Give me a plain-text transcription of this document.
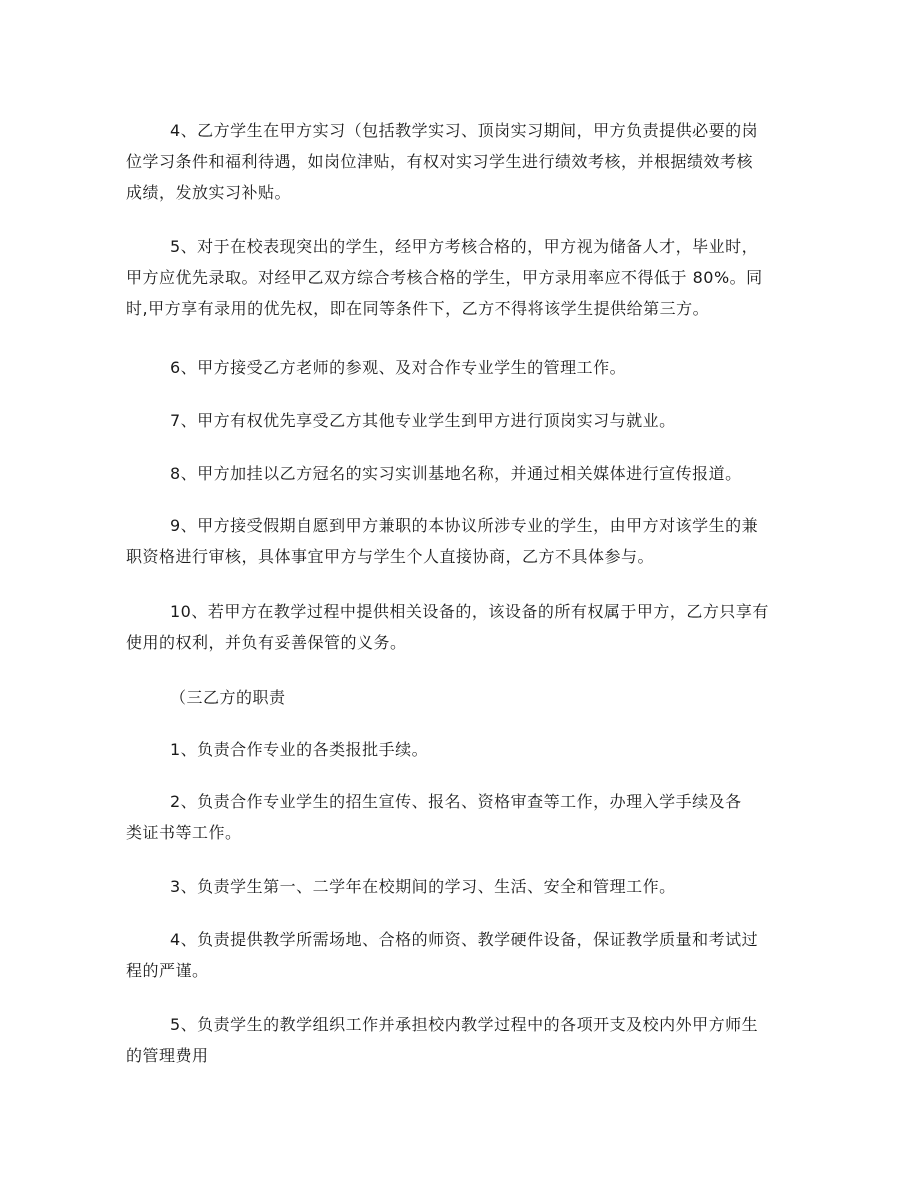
4、乙方学生在甲方实习（包括教学实习、顶岗实习期间，甲方负责提供必要的岗
位学习条件和福利待遇，如岗位津贴，有权对实习学生进行绩效考核，并根据绩效考核
成绩，发放实习补贴。
5、对于在校表现突出的学生，经甲方考核合格的，甲方视为储备人才，毕业时，
甲方应优先录取。对经甲乙双方综合考核合格的学生，甲方录用率应不得低于 80%。同
时,甲方享有录用的优先权，即在同等条件下，乙方不得将该学生提供给第三方。
6、甲方接受乙方老师的参观、及对合作专业学生的管理工作。
7、甲方有权优先享受乙方其他专业学生到甲方进行顶岗实习与就业。
8、甲方加挂以乙方冠名的实习实训基地名称，并通过相关媒体进行宣传报道。
9、甲方接受假期自愿到甲方兼职的本协议所涉专业的学生，由甲方对该学生的兼
职资格进行审核，具体事宜甲方与学生个人直接协商，乙方不具体参与。
10、若甲方在教学过程中提供相关设备的，该设备的所有权属于甲方，乙方只享有
使用的权利，并负有妥善保管的义务。
（三乙方的职责
1、负责合作专业的各类报批手续。
2、负责合作专业学生的招生宣传、报名、资格审查等工作，办理入学手续及各
类证书等工作。
3、负责学生第一、二学年在校期间的学习、生活、安全和管理工作。
4、负责提供教学所需场地、合格的师资、教学硬件设备，保证教学质量和考试过
程的严谨。
5、负责学生的教学组织工作并承担校内教学过程中的各项开支及校内外甲方师生
的管理费用
